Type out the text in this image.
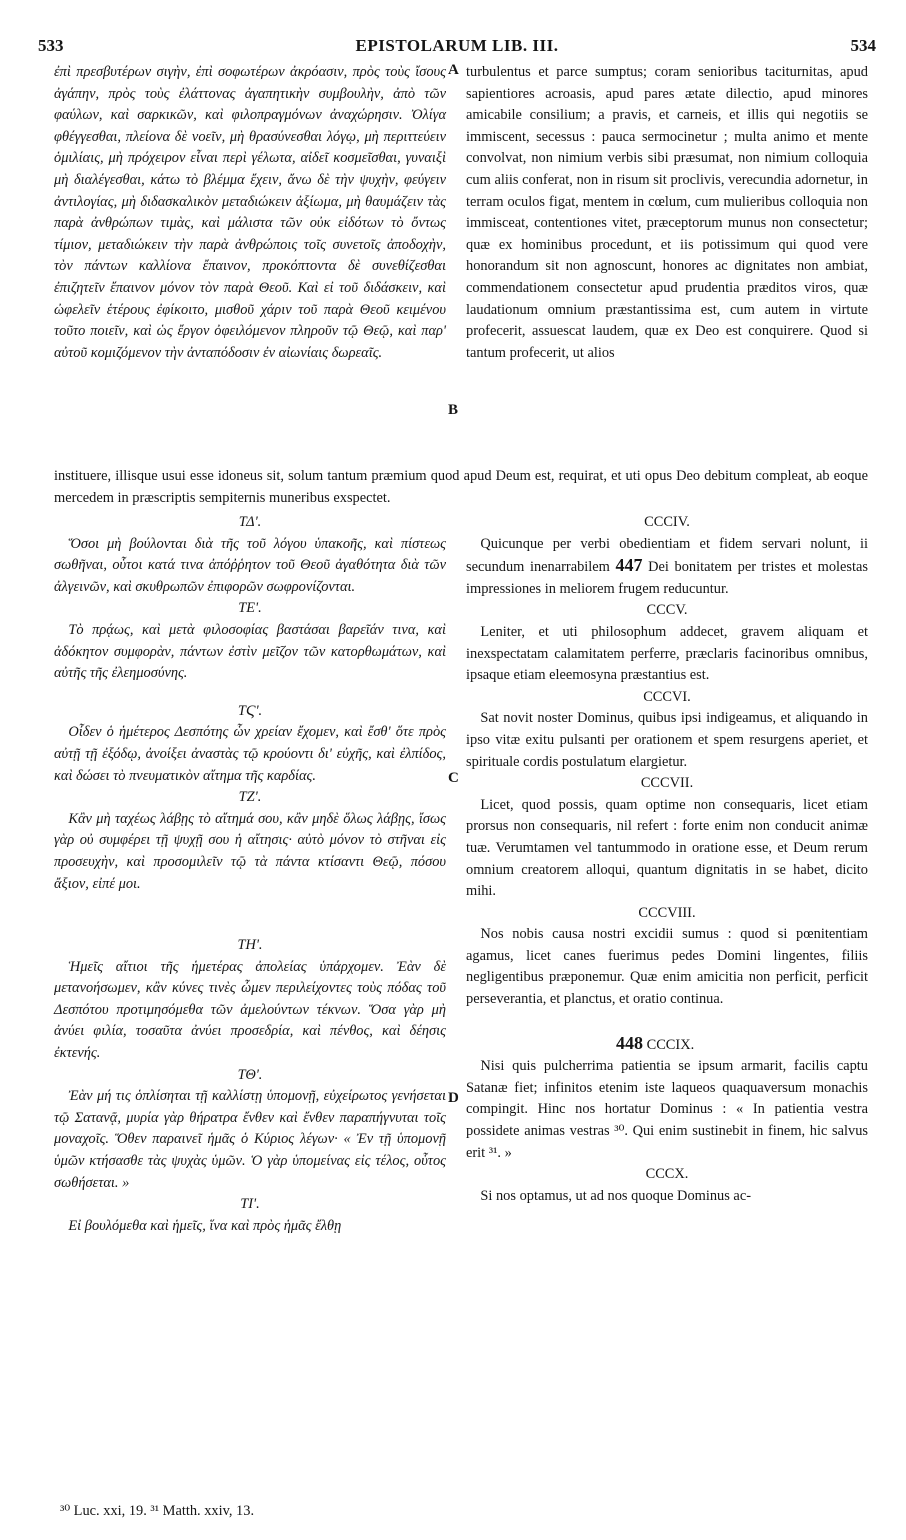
533	EPISTOLARUM LIB. III.	534
A
B
C
D

ἐπὶ πρεσβυτέρων σιγὴν, ἐπὶ σοφωτέρων ἀκρόασιν, πρὸς τοὺς ἴσους ἀγάπην, πρὸς τοὺς ἐλάττονας ἀγαπητικὴν συμβουλὴν, ἀπὸ τῶν φαύλων, καὶ σαρκικῶν, καὶ φιλοπραγμόνων ἀναχώρησιν. Ὀλίγα φθέγγεσθαι, πλείονα δὲ νοεῖν, μὴ θρασύνεσθαι λόγῳ, μὴ περιττεύειν ὁμιλίαις, μὴ πρόχειρον εἶναι περὶ γέλωτα, αἰδεῖ κοσμεῖσθαι, γυναιξὶ μὴ διαλέγεσθαι, κάτω τὸ βλέμμα ἔχειν, ἄνω δὲ τὴν ψυχὴν, φεύγειν ἀντιλογίας, μὴ διδασκαλικὸν μεταδιώκειν ἀξίωμα, μὴ θαυμάζειν τὰς παρὰ ἀνθρώπων τιμὰς, καὶ μάλιστα τῶν οὐκ εἰδότων τὸ ὄντως τίμιον, μεταδιώκειν τὴν παρὰ ἀνθρώποις τοῖς συνετοῖς ἀποδοχὴν, τὸν πάντων καλλίονα ἔπαινον, προκόπτοντα δὲ συνεθίζεσθαι ἐπιζητεῖν ἔπαινον μόνον τὸν παρὰ Θεοῦ. Καὶ εἰ τοῦ διδάσκειν, καὶ ὠφελεῖν ἑτέρους ἐφίκοιτο, μισθοῦ χάριν τοῦ παρὰ Θεοῦ κειμένου τοῦτο ποιεῖν, καὶ ὡς ἔργον ὀφειλόμενον πληροῦν τῷ Θεῷ, καὶ παρ' αὐτοῦ κομιζόμενον τὴν ἀνταπόδοσιν ἐν αἰωνίαις δωρεαῖς.

turbulentus et parce sumptus; coram senioribus taciturnitas, apud sapientiores acroasis, apud pares ætate dilectio, apud minores amicabile consilium; a pravis, et carneis, et illis qui negotiis se immiscent, secessus : pauca sermocinetur ; multa animo et mente convolvat, non nimium verbis sibi præsumat, non nimium colloquia cum aliis conferat, non in risum sit proclivis, verecundia adornetur, in terram oculos figat, mentem in cœlum, cum mulieribus colloquia non immisceat, contentiones vitet, præceptorum munus non consectetur; quæ ex hominibus procedunt, et iis potissimum qui quod vere honorandum sit non agnoscunt, honores ac dignitates non ambiat, commendationem consectetur apud prudentia præditos viros, quæ laudationum omnium præstantissima est, cum autem in virtute profecerit, assuescat laudem, quæ ex Deo est conquirere. Quod si tantum profecerit, ut alios

instituere, illisque usui esse idoneus sit, solum tantum præmium quod apud Deum est, requirat, et uti opus Deo debitum compleat, ab eoque mercedem in præscriptis sempiternis muneribus exspectet.

ΤΔ'.

Ὅσοι μὴ βούλονται διὰ τῆς τοῦ λόγου ὑπακοῆς, καὶ πίστεως σωθῆναι, οὗτοι κατά τινα ἀπόῤῥητον τοῦ Θεοῦ ἀγαθότητα διὰ τῶν ἀλγεινῶν, καὶ σκυθρωπῶν ἐπιφορῶν σωφρονίζονται.

ΤΕ'.

Τὸ πρᾴως, καὶ μετὰ φιλοσοφίας βαστάσαι βαρεῖάν τινα, καὶ ἀδόκητον συμφορὰν, πάντων ἐστὶν μεῖζον τῶν κατορθωμάτων, καὶ αὐτῆς τῆς ἐλεημοσύνης.

ΤϚ'.

Οἶδεν ὁ ἡμέτερος Δεσπότης ὧν χρείαν ἔχομεν, καὶ ἔσθ' ὅτε πρὸς αὐτῇ τῇ ἐξόδῳ, ἀνοίξει ἀναστὰς τῷ κρούοντι δι' εὐχῆς, καὶ ἐλπίδος, καὶ δώσει τὸ πνευματικὸν αἴτημα τῆς καρδίας.

ΤΖ'.

Κἂν μὴ ταχέως λάβῃς τὸ αἴτημά σου, κἂν μηδὲ ὅλως λάβῃς, ἴσως γὰρ οὐ συμφέρει τῇ ψυχῇ σου ἡ αἴτησις· αὐτὸ μόνον τὸ στῆναι εἰς προσευχὴν, καὶ προσομιλεῖν τῷ τὰ πάντα κτίσαντι Θεῷ, πόσου ἄξιον, εἰπέ μοι.

ΤΗ'.

Ἡμεῖς αἴτιοι τῆς ἡμετέρας ἀπολείας ὑπάρχομεν. Ἐὰν δὲ μετανοήσωμεν, κἂν κύνες τινὲς ὦμεν περιλείχοντες τοὺς πόδας τοῦ Δεσπότου προτιμησόμεθα τῶν ἀμελούντων τέκνων. Ὅσα γὰρ μὴ ἀνύει φιλία, τοσαῦτα ἀνύει προσεδρία, καὶ πένθος, καὶ δέησις ἐκτενής.

ΤΘ'.

Ἐὰν μή τις ὁπλίσηται τῇ καλλίστῃ ὑπομονῇ, εὐχείρωτος γενήσεται τῷ Σατανᾷ, μυρία γὰρ θήρατρα ἔνθεν καὶ ἔνθεν παραπήγνυται τοῖς μοναχοῖς. Ὅθεν παραινεῖ ἡμᾶς ὁ Κύριος λέγων· « Ἐν τῇ ὑπομονῇ ὑμῶν κτήσασθε τὰς ψυχὰς ὑμῶν. Ὁ γὰρ ὑπομείνας εἰς τέλος, οὗτος σωθήσεται. »

ΤΙ'.

Εἰ βουλόμεθα καὶ ἡμεῖς, ἵνα καὶ πρὸς ἡμᾶς ἔλθῃ

CCCIV.

Quicunque per verbi obedientiam et fidem servari nolunt, ii secundum inenarrabilem 447 Dei bonitatem per tristes et molestas impressiones in meliorem frugem reducuntur.

CCCV.

Leniter, et uti philosophum addecet, gravem aliquam et inexspectatam calamitatem perferre, præclaris facinoribus omnibus, ipsaque etiam eleemosyna præstantius est.

CCCVI.

Sat novit noster Dominus, quibus ipsi indigeamus, et aliquando in ipso vitæ exitu pulsanti per orationem et spem resurgens aperiet, et spirituale cordis postulatum elargietur.

CCCVII.

Licet, quod possis, quam optime non consequaris, licet etiam prorsus non consequaris, nil refert : forte enim non conducit animæ tuæ. Verumtamen vel tantummodo in oratione esse, et Deum rerum omnium creatorem alloqui, quantum dignitatis in se habet, dicito mihi.

CCCVIII.

Nos nobis causa nostri excidii sumus : quod si pœnitentiam agamus, licet canes fuerimus pedes Domini lingentes, filiis negligentibus præponemur. Quæ enim amicitia non perficit, perficit perseverantia, et planctus, et oratio continua.

448 CCCIX.

Nisi quis pulcherrima patientia se ipsum armarit, facilis captu Satanæ fiet; infinitos etenim iste laqueos quaquaversum monachis compingit. Hinc nos hortatur Dominus : « In patientia vestra possidete animas vestras ³⁰. Qui enim sustinebit in finem, hic salvus erit ³¹. »

CCCX.

Si nos optamus, ut ad nos quoque Dominus ac-

³⁰ Luc. xxi, 19. ³¹ Matth. xxiv, 13.
